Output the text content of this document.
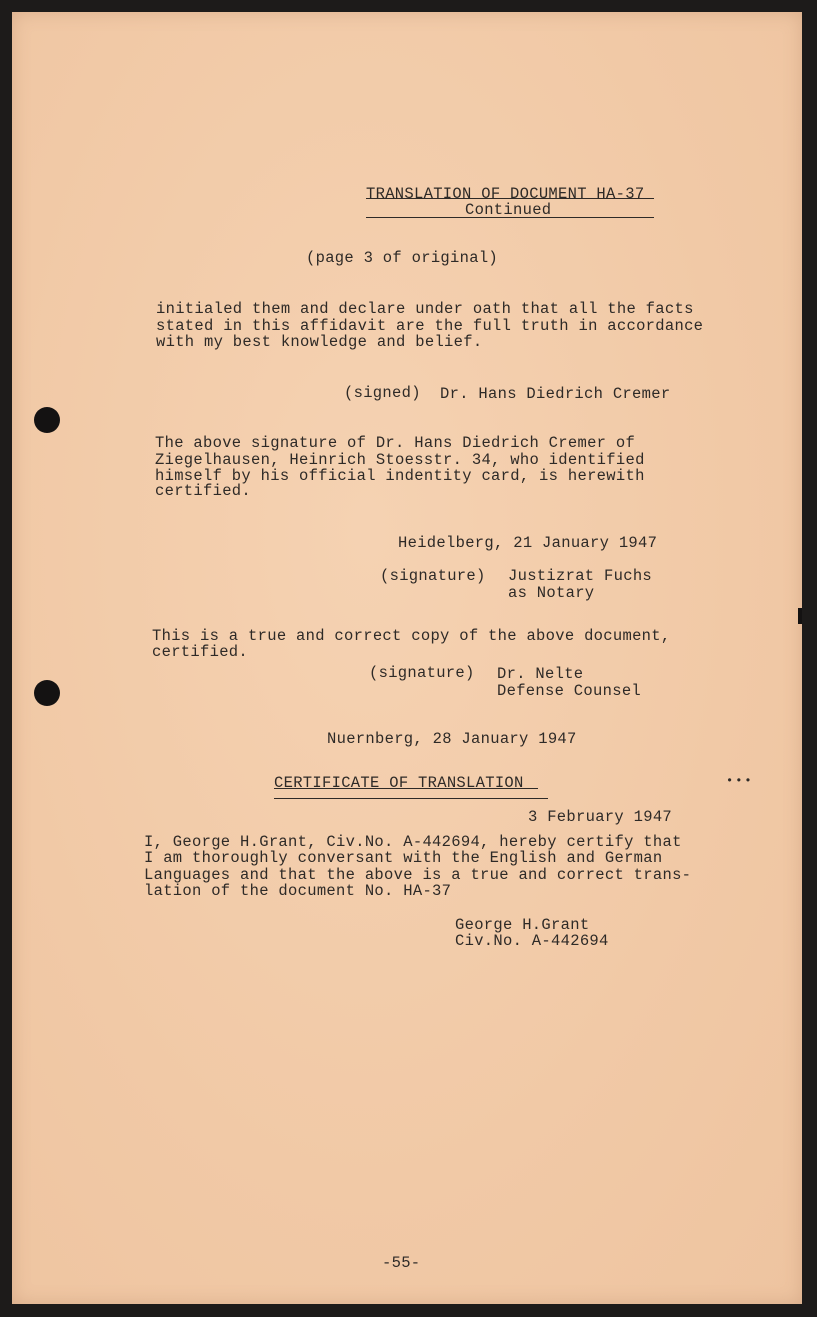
TRANSLATION OF DOCUMENT HA-37
Continued
(page 3 of original)
initialed them and declare under oath that all the facts
stated in this affidavit are the full truth in accordance
with my best knowledge and belief.
(signed) Dr. Hans Diedrich Cremer
The above signature of Dr. Hans Diedrich Cremer of
Ziegelhausen, Heinrich Stoesstr. 34, who identified
himself by his official indentity card, is herewith
certified.
Heidelberg, 21 January 1947
(signature) Justizrat Fuchs
as Notary
This is a true and correct copy of the above document,
certified.
(signature) Dr. Nelte
Defense Counsel
Nuernberg, 28 January 1947
CERTIFICATE OF TRANSLATION	•••
3 February 1947
I, George H.Grant, Civ.No. A-442694, hereby certify that
I am thoroughly conversant with the English and German
Languages and that the above is a true and correct trans-
lation of the document No. HA-37
George H.Grant
Civ.No. A-442694
-55-
